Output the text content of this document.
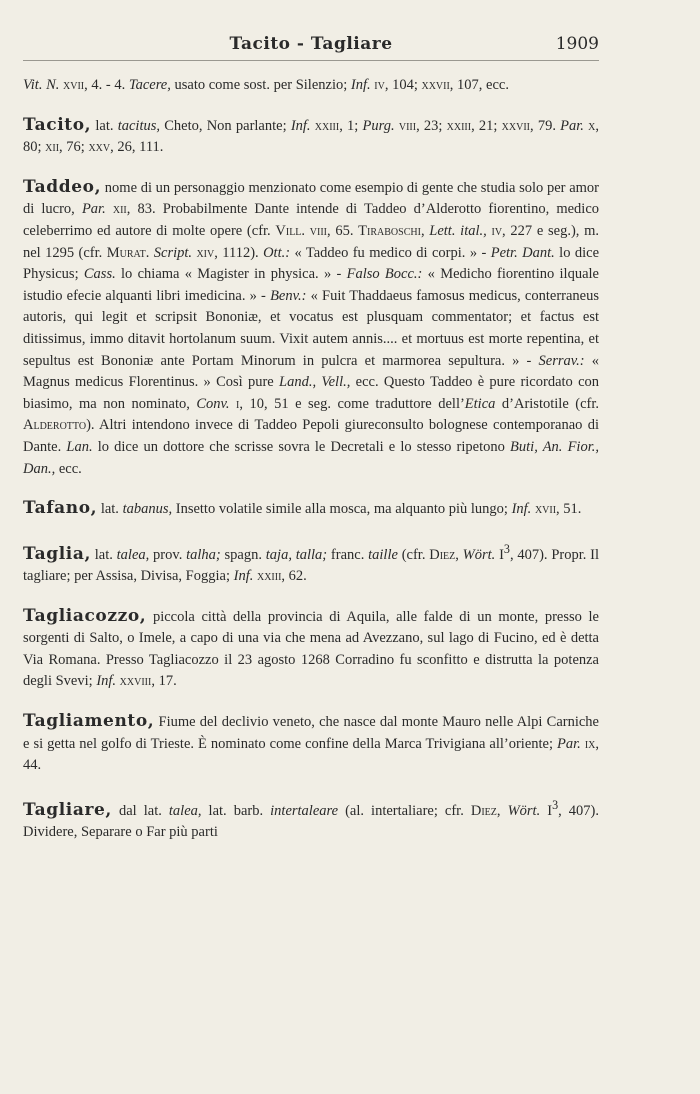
Tacito - Tagliare	1909

Vit. N. xvii, 4. - 4. Tacere, usato come sost. per Silenzio; Inf. iv, 104; xxvii, 107, ecc.

Tacito, lat. tacitus, Cheto, Non parlante; Inf. xxiii, 1; Purg. viii, 23; xxiii, 21; xxvii, 79. Par. x, 80; xii, 76; xxv, 26, 111.

Taddeo, nome di un personaggio menzionato come esempio di gente che studia solo per amor di lucro, Par. xii, 83. Probabilmente Dante intende di Taddeo d’Alderotto fiorentino, medico celeberrimo ed autore di molte opere (cfr. Vill. viii, 65. Tiraboschi, Lett. ital., iv, 227 e seg.), m. nel 1295 (cfr. Murat. Script. xiv, 1112). Ott.: « Taddeo fu medico di corpi. » - Petr. Dant. lo dice Physicus; Cass. lo chiama « Magister in physica. » - Falso Bocc.: « Medicho fiorentino ilquale istudio efecie alquanti libri imedicina. » - Benv.: « Fuit Thaddaeus famosus medicus, conterraneus autoris, qui legit et scripsit Bononiæ, et vocatus est plusquam commentator; et factus est ditissimus, immo ditavit hortolanum suum. Vixit autem annis.... et mortuus est morte repentina, et sepultus est Bononiæ ante Portam Minorum in pulcra et marmorea sepultura. » - Serrav.: « Magnus medicus Florentinus. » Così pure Land., Vell., ecc. Questo Taddeo è pure ricordato con biasimo, ma non nominato, Conv. i, 10, 51 e seg. come traduttore dell’Etica d’Aristotile (cfr. Alderotto). Altri intendono invece di Taddeo Pepoli giureconsulto bolognese contemporanao di Dante. Lan. lo dice un dottore che scrisse sovra le Decretali e lo stesso ripetono Buti, An. Fior., Dan., ecc.

Tafano, lat. tabanus, Insetto volatile simile alla mosca, ma alquanto più lungo; Inf. xvii, 51.

Taglia, lat. talea, prov. talha; spagn. taja, talla; franc. taille (cfr. Diez, Wört. $I^3$, 407). Propr. Il tagliare; per Assisa, Divisa, Foggia; Inf. xxiii, 62.

Tagliacozzo, piccola città della provincia di Aquila, alle falde di un monte, presso le sorgenti di Salto, o Imele, a capo di una via che mena ad Avezzano, sul lago di Fucino, ed è detta Via Romana. Presso Tagliacozzo il 23 agosto 1268 Corradino fu sconfitto e distrutta la potenza degli Svevi; Inf. xxviii, 17.

Tagliamento, Fiume del declivio veneto, che nasce dal monte Mauro nelle Alpi Carniche e si getta nel golfo di Trieste. È nominato come confine della Marca Trivigiana all’oriente; Par. ix, 44.

Tagliare, dal lat. talea, lat. barb. intertaleare (al. intertaliare; cfr. Diez, Wört. $I^3$, 407). Dividere, Separare o Far più parti
